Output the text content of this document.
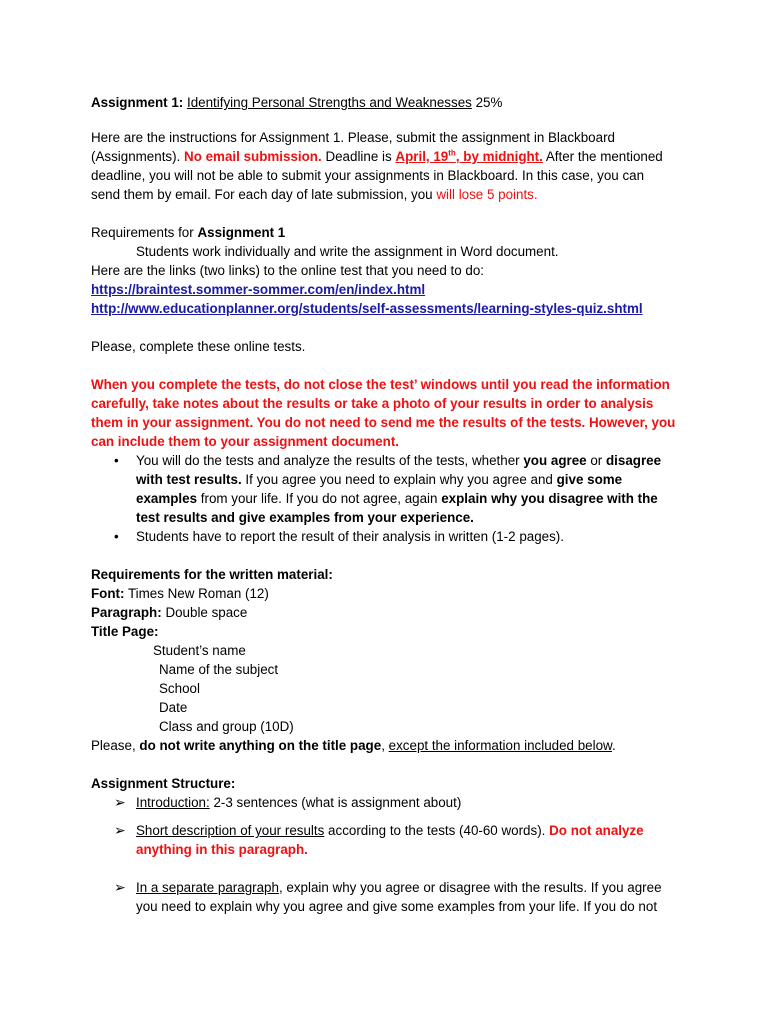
Assignment 1: Identifying Personal Strengths and Weaknesses 25%
Here are the instructions for Assignment 1. Please, submit the assignment in Blackboard
(Assignments). No email submission. Deadline is April, 19th, by midnight. After the mentioned
deadline, you will not be able to submit your assignments in Blackboard. In this case, you can
send them by email. For each day of late submission, you will lose 5 points.
Requirements for Assignment 1
Students work individually and write the assignment in Word document.
Here are the links (two links) to the online test that you need to do:
https://braintest.sommer-sommer.com/en/index.html
http://www.educationplanner.org/students/self-assessments/learning-styles-quiz.shtml
Please, complete these online tests.
When you complete the tests, do not close the test’ windows until you read the information
carefully, take notes about the results or take a photo of your results in order to analysis
them in your assignment. You do not need to send me the results of the tests. However, you
can include them to your assignment document.
• You will do the tests and analyze the results of the tests, whether you agree or disagree
with test results. If you agree you need to explain why you agree and give some
examples from your life. If you do not agree, again explain why you disagree with the
test results and give examples from your experience.
• Students have to report the result of their analysis in written (1-2 pages).
Requirements for the written material:
Font: Times New Roman (12)
Paragraph: Double space
Title Page:
Student’s name
Name of the subject
School
Date
Class and group (10D)
Please, do not write anything on the title page, except the information included below.
Assignment Structure:
➢ Introduction: 2-3 sentences (what is assignment about)
➢ Short description of your results according to the tests (40-60 words). Do not analyze
anything in this paragraph.
➢ In a separate paragraph, explain why you agree or disagree with the results. If you agree
you need to explain why you agree and give some examples from your life. If you do not
